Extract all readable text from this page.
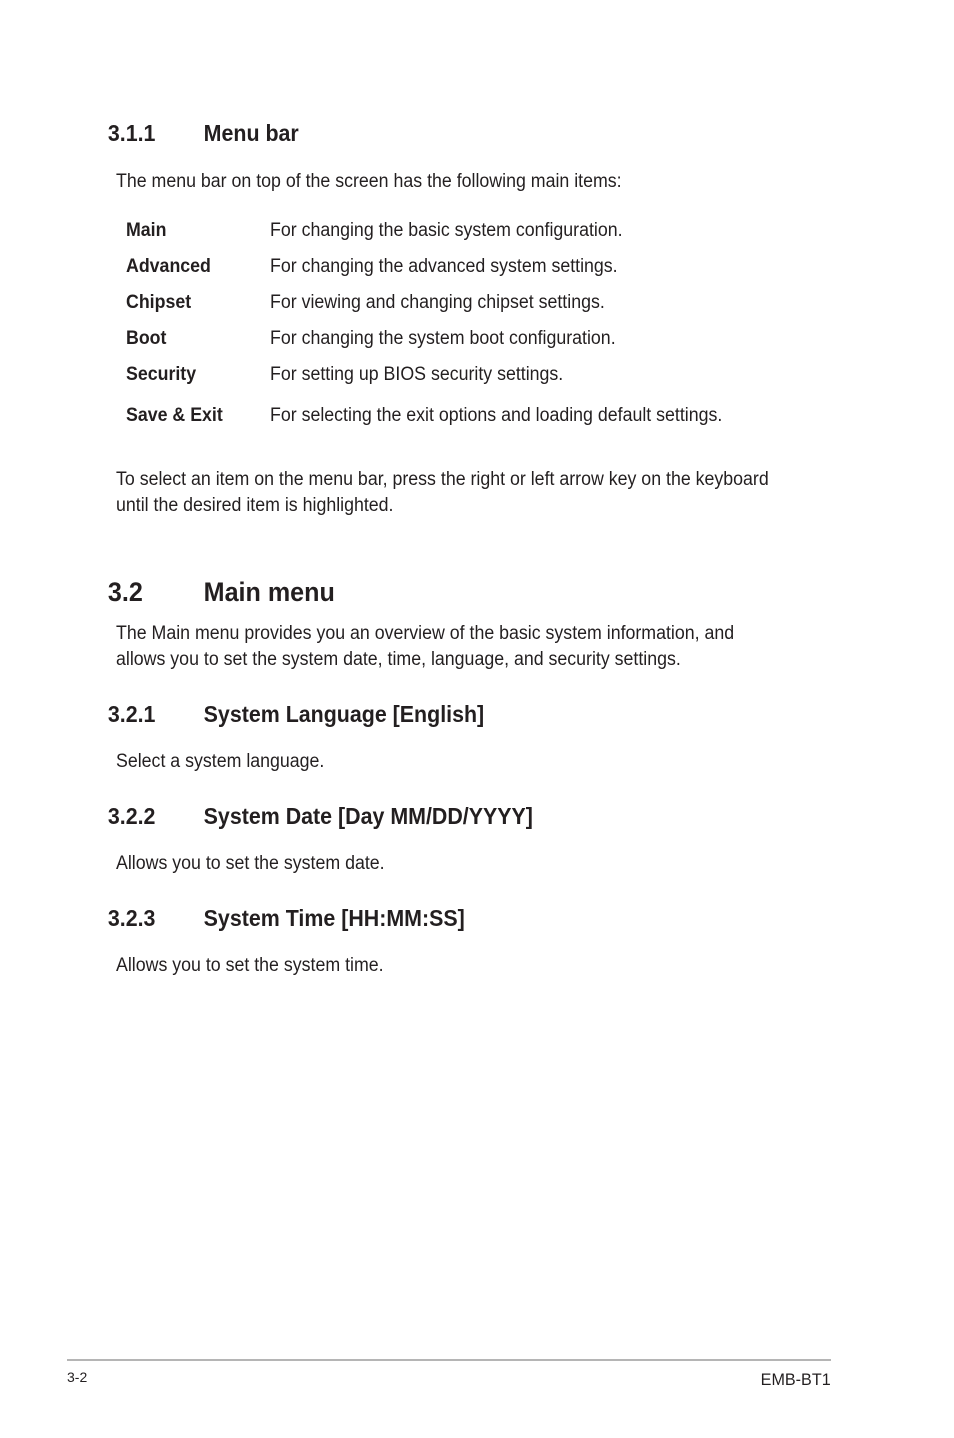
3.1.1 Menu bar
The menu bar on top of the screen has the following main items:
Main	For changing the basic system configuration.
Advanced	For changing the advanced system settings.
Chipset	For viewing and changing chipset settings.
Boot	For changing the system boot configuration.
Security	For setting up BIOS security settings.
Save & Exit For selecting the exit options and loading default settings.
To select an item on the menu bar, press the right or left arrow key on the keyboard
until the desired item is highlighted.
3.2 Main menu
The Main menu provides you an overview of the basic system information, and
allows you to set the system date, time, language, and security settings.
3.2.1 System Language [English]
Select a system language.
3.2.2 System Date [Day MM/DD/YYYY]
Allows you to set the system date.
3.2.3 System Time [HH:MM:SS]
Allows you to set the system time.
3-2	EMB-BT1
